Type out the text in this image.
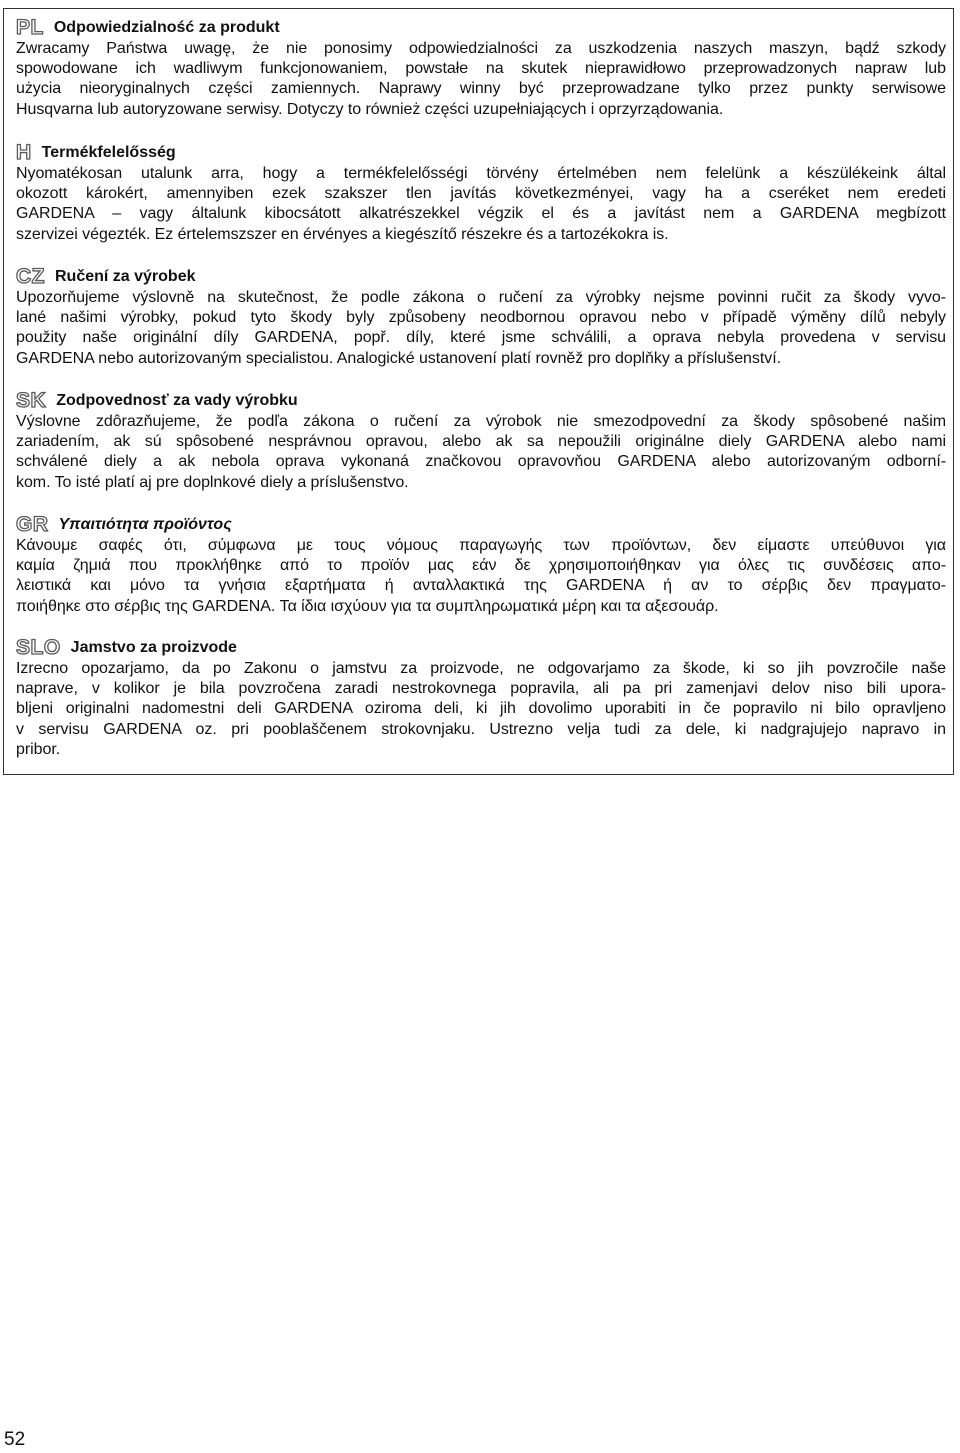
PL Odpowiedzialność za produkt

Zwracamy Państwa uwagę, że nie ponosimy odpowiedzialności za uszkodzenia naszych maszyn, bądź szkody
spowodowane ich wadliwym funkcjonowaniem, powstałe na skutek nieprawidłowo przeprowadzonych napraw lub
użycia nieoryginalnych części zamiennych. Naprawy winny być przeprowadzane tylko przez punkty serwisowe
Husqvarna lub autoryzowane serwisy. Dotyczy to również części uzupełniających i oprzyrządowania.

H Termékfelelősség

Nyomatékosan utalunk arra, hogy a termékfelelősségi törvény értelmében nem felelünk a készülékeink által
okozott károkért, amennyiben ezek szakszer tlen javítás következményei, vagy ha a cseréket nem eredeti
GARDENA – vagy általunk kibocsátott alkatrészekkel végzik el és a javítást nem a GARDENA megbízott
szervizei végezték. Ez értelemszszer en érvényes a kiegészítő részekre és a tartozékokra is.

CZ Ručení za výrobek

Upozorňujeme výslovně na skutečnost, že podle zákona o ručení za výrobky nejsme povinni ručit za škody vyvo-
lané našimi výrobky, pokud tyto škody byly způsobeny neodbornou opravou nebo v případě výměny dílů nebyly
použity naše originální díly GARDENA, popř. díly, které jsme schválili, a oprava nebyla provedena v servisu
GARDENA nebo autorizovaným specialistou. Analogické ustanovení platí rovněž pro doplňky a příslušenství.

SK Zodpovednosť za vady výrobku

Výslovne zdôrazňujeme, že podľa zákona o ručení za výrobok nie smezodpovední za škody spôsobené našim
zariadením, ak sú spôsobené nesprávnou opravou, alebo ak sa nepoužili originálne diely GARDENA alebo nami
schválené diely a ak nebola oprava vykonaná značkovou opravovňou GARDENA alebo autorizovaným odborní-
kom. To isté platí aj pre doplnkové diely a príslušenstvo.

GR Υπαιτιότητα προϊόντος

Κάνουμε σαφές ότι, σύμφωνα με τους νόμους παραγωγής των προϊόντων, δεν είμαστε υπεύθυνοι για
καμία ζημιά που προκλήθηκε από το προϊόν μας εάν δε χρησιμοποιήθηκαν για όλες τις συνδέσεις απο-
λειστικά και μόνο τα γνήσια εξαρτήματα ή ανταλλακτικά της GARDENA ή αν το σέρβις δεν πραγματο-
ποιήθηκε στο σέρβις της GARDENA. Τα ίδια ισχύουν για τα συμπληρωματικά μέρη και τα αξεσουάρ.

SLO Jamstvo za proizvode

Izrecno opozarjamo, da po Zakonu o jamstvu za proizvode, ne odgovarjamo za škode, ki so jih povzročile naše
naprave, v kolikor je bila povzročena zaradi nestrokovnega popravila, ali pa pri zamenjavi delov niso bili upora-
bljeni originalni nadomestni deli GARDENA oziroma deli, ki jih dovolimo uporabiti in če popravilo ni bilo opravljeno
v servisu GARDENA oz. pri pooblaščenem strokovnjaku. Ustrezno velja tudi za dele, ki nadgrajujejo napravo in
pribor.

52
